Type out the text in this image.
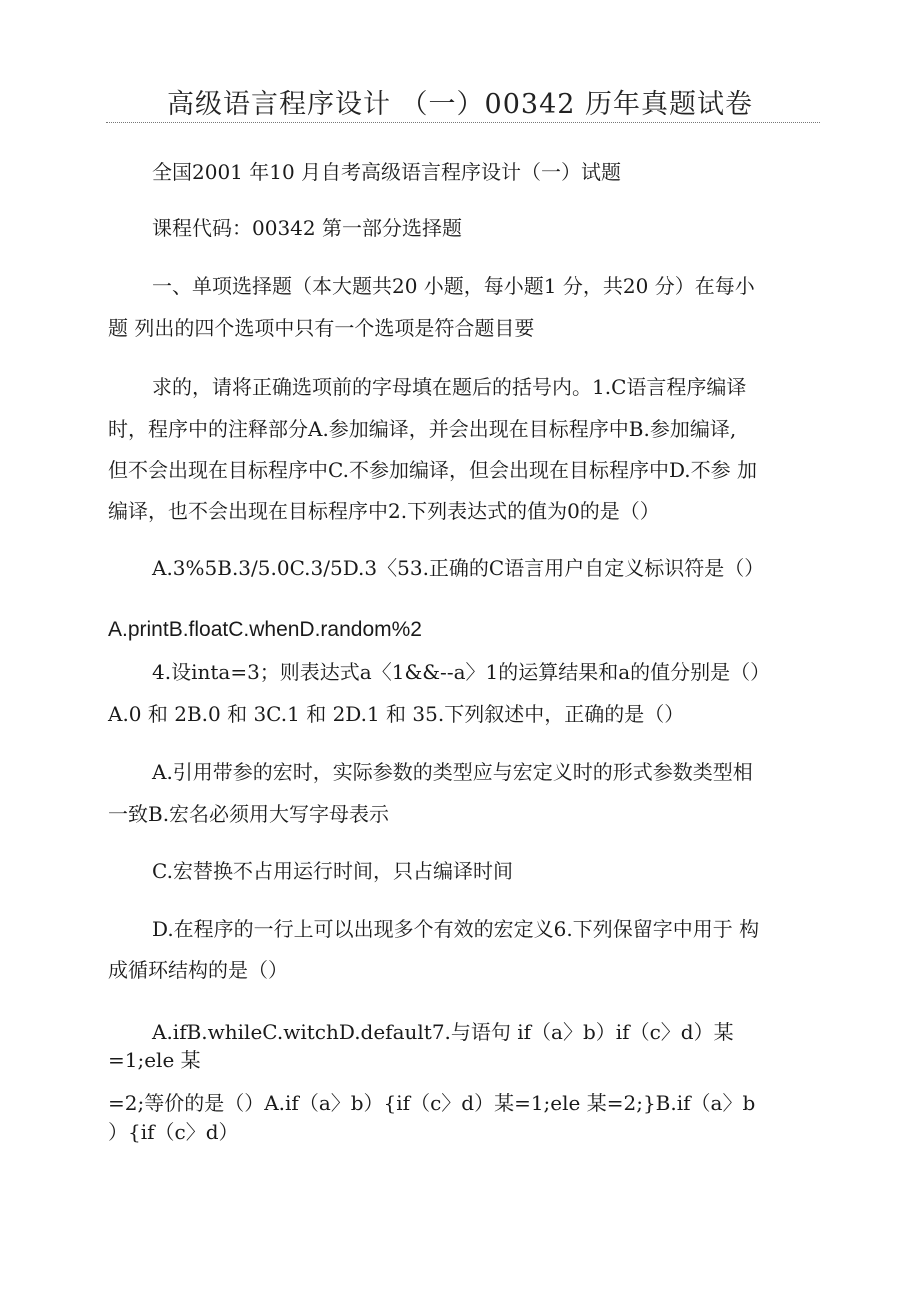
高级语言程序设计 （一）00342 历年真题试卷
全国2001 年10 月自考高级语言程序设计（一）试题
课程代码：00342 第一部分选择题
一、单项选择题（本大题共20 小题，每小题1 分，共20 分）在每小
题 列出的四个选项中只有一个选项是符合题目要
求的，请将正确选项前的字母填在题后的括号内。1.C语言程序编译
时，程序中的注释部分A.参加编译，并会出现在目标程序中B.参加编译,
但不会出现在目标程序中C.不参加编译，但会出现在目标程序中D.不参 加
编译，也不会出现在目标程序中2.下列表达式的值为0的是（）
A.3%5B.3/5.0C.3/5D.3〈53.正确的C语言用户自定义标识符是（）
A.printB.floatC.whenD.random%2
4.设inta=3；则表达式a〈1&&--a〉1的运算结果和a的值分别是（）
A.0 和 2B.0 和 3C.1 和 2D.1 和 35.下列叙述中，正确的是（）
A.引用带参的宏时，实际参数的类型应与宏定义时的形式参数类型相
一致B.宏名必须用大写字母表示
C.宏替换不占用运行时间，只占编译时间
D.在程序的一行上可以出现多个有效的宏定义6.下列保留字中用于 构
成循环结构的是（）
A.ifB.whileC.witchD.default7.与语句 if（a〉b）if（c〉d）某
=1;ele 某
=2;等价的是（）A.if（a〉b）{if（c〉d）某=1;ele 某=2;}B.if（a〉b
）{if（c〉d）
